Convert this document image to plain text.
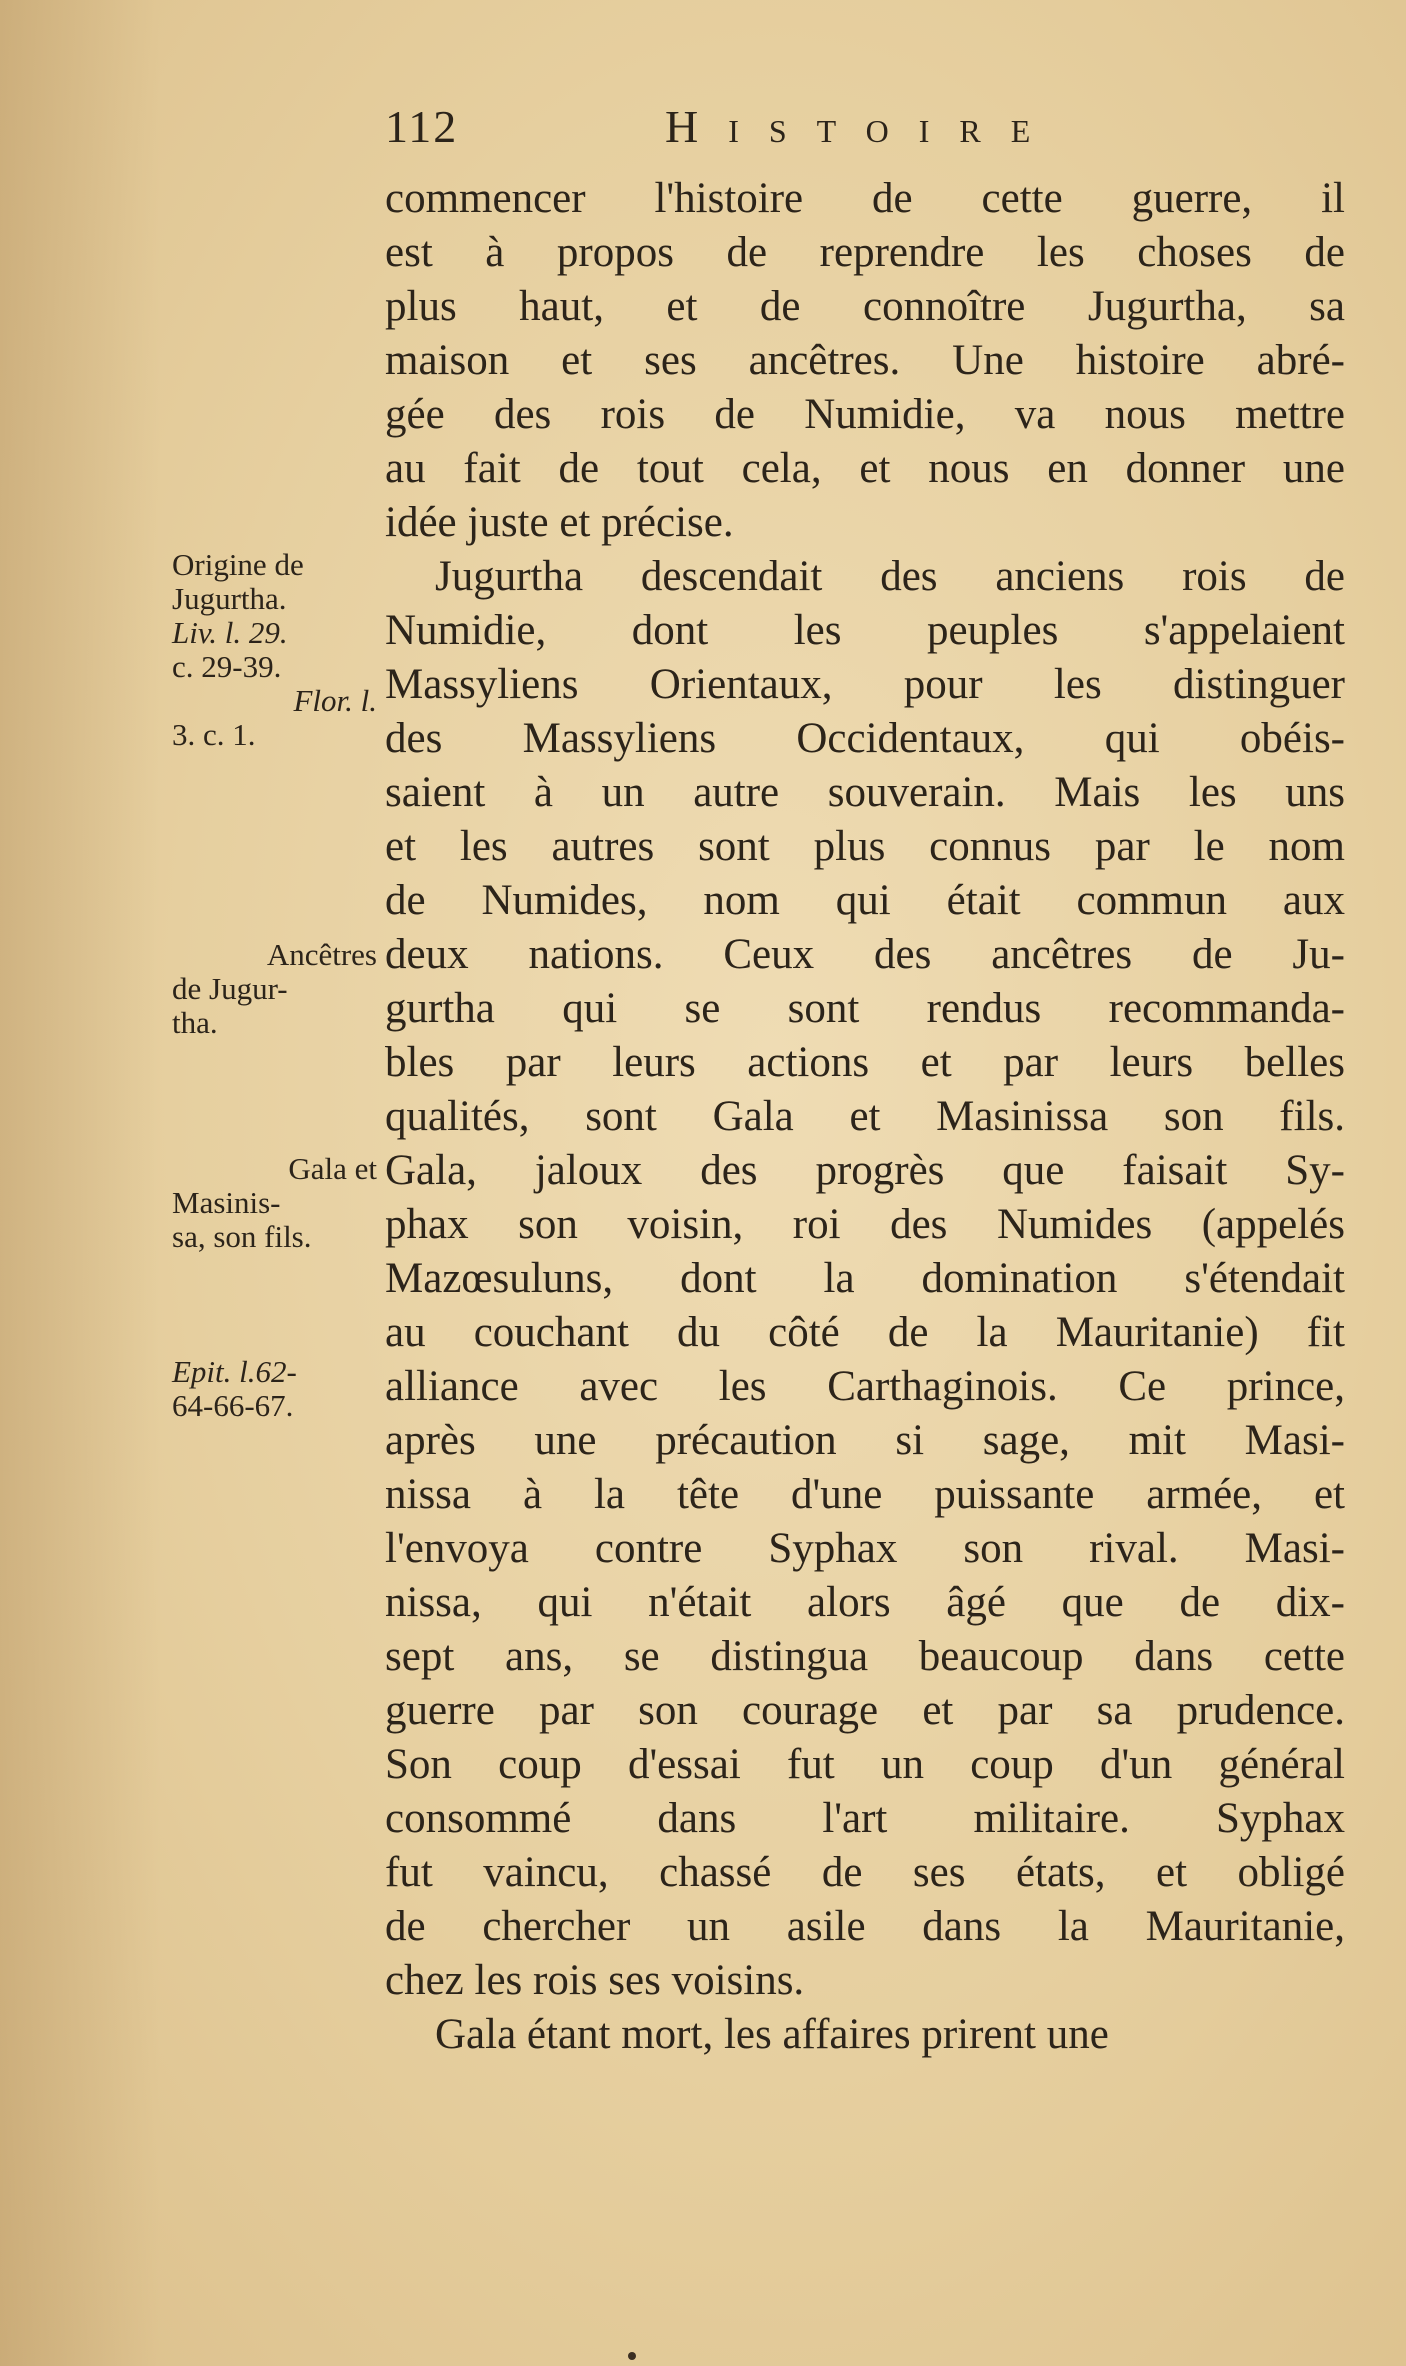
112	Histoire
commencer l'histoire de cette guerre, il
est à propos de reprendre les choses de
plus haut, et de connoître Jugurtha, sa
maison et ses ancêtres. Une histoire abré-
gée des rois de Numidie, va nous mettre
au fait de tout cela, et nous en donner une
idée juste et précise.
Jugurtha descendait des anciens rois de
Numidie, dont les peuples s'appelaient
Massyliens Orientaux, pour les distinguer
des Massyliens Occidentaux, qui obéis-
saient à un autre souverain. Mais les uns
et les autres sont plus connus par le nom
de Numides, nom qui était commun aux
deux nations. Ceux des ancêtres de Ju-
gurtha qui se sont rendus recommanda-
bles par leurs actions et par leurs belles
qualités, sont Gala et Masinissa son fils.
Gala, jaloux des progrès que faisait Sy-
phax son voisin, roi des Numides (appelés
Mazœsuluns, dont la domination s'étendait
au couchant du côté de la Mauritanie) fit
alliance avec les Carthaginois. Ce prince,
après une précaution si sage, mit Masi-
nissa à la tête d'une puissante armée, et
l'envoya contre Syphax son rival. Masi-
nissa, qui n'était alors âgé que de dix-
sept ans, se distingua beaucoup dans cette
guerre par son courage et par sa prudence.
Son coup d'essai fut un coup d'un général
consommé dans l'art militaire. Syphax
fut vaincu, chassé de ses états, et obligé
de chercher un asile dans la Mauritanie,
chez les rois ses voisins.
Gala étant mort, les affaires prirent une
Origine de
Jugurtha.
Liv. l. 29.
c. 29-39.
Flor. l.
3. c. 1.
Ancêtres
de Jugur-
tha.
Gala et
Masinis-
sa, son fils.
Epit. l.62-
64-66-67.
